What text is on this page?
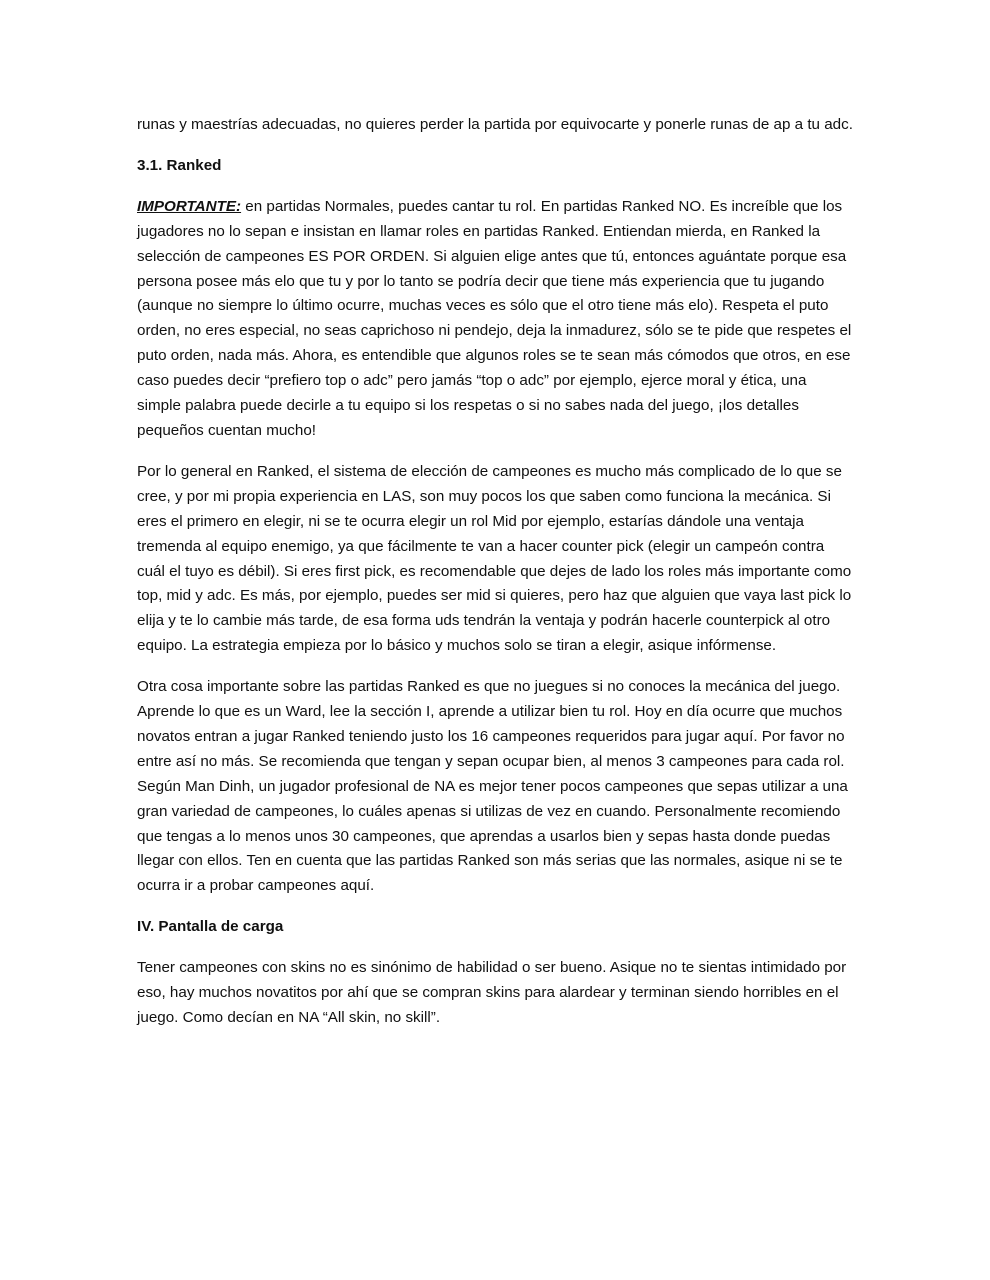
runas y maestrías adecuadas, no quieres perder la partida por equivocarte y ponerle runas de ap a tu adc.

3.1. Ranked

IMPORTANTE: en partidas Normales, puedes cantar tu rol. En partidas Ranked NO. Es increíble que los jugadores no lo sepan e insistan en llamar roles en partidas Ranked. Entiendan mierda, en Ranked la selección de campeones ES POR ORDEN. Si alguien elige antes que tú, entonces aguántate porque esa persona posee más elo que tu y por lo tanto se podría decir que tiene más experiencia que tu jugando (aunque no siempre lo último ocurre, muchas veces es sólo que el otro tiene más elo). Respeta el puto orden, no eres especial, no seas caprichoso ni pendejo, deja la inmadurez, sólo se te pide que respetes el puto orden, nada más. Ahora, es entendible que algunos roles se te sean más cómodos que otros, en ese caso puedes decir “prefiero top o adc” pero jamás “top o adc” por ejemplo, ejerce moral y ética, una simple palabra puede decirle a tu equipo si los respetas o si no sabes nada del juego, ¡los detalles pequeños cuentan mucho!

Por lo general en Ranked, el sistema de elección de campeones es mucho más complicado de lo que se cree, y por mi propia experiencia en LAS, son muy pocos los que saben como funciona la mecánica. Si eres el primero en elegir, ni se te ocurra elegir un rol Mid por ejemplo, estarías dándole una ventaja tremenda al equipo enemigo, ya que fácilmente te van a hacer counter pick (elegir un campeón contra cuál el tuyo es débil). Si eres first pick, es recomendable que dejes de lado los roles más importante como top, mid y adc. Es más, por ejemplo, puedes ser mid si quieres, pero haz que alguien que vaya last pick lo elija y te lo cambie más tarde, de esa forma uds tendrán la ventaja y podrán hacerle counterpick al otro equipo. La estrategia empieza por lo básico y muchos solo se tiran a elegir, asique infórmense.

Otra cosa importante sobre las partidas Ranked es que no juegues si no conoces la mecánica del juego. Aprende lo que es un Ward, lee la sección I, aprende a utilizar bien tu rol. Hoy en día ocurre que muchos novatos entran a jugar Ranked teniendo justo los 16 campeones requeridos para jugar aquí. Por favor no entre así no más. Se recomienda que tengan y sepan ocupar bien, al menos 3 campeones para cada rol. Según Man Dinh, un jugador profesional de NA es mejor tener pocos campeones que sepas utilizar a una gran variedad de campeones, lo cuáles apenas si utilizas de vez en cuando. Personalmente recomiendo que tengas a lo menos unos 30 campeones, que aprendas a usarlos bien y sepas hasta donde puedas llegar con ellos. Ten en cuenta que las partidas Ranked son más serias que las normales, asique ni se te ocurra ir a probar campeones aquí.

IV. Pantalla de carga

Tener campeones con skins no es sinónimo de habilidad o ser bueno. Asique no te sientas intimidado por eso, hay muchos novatitos por ahí que se compran skins para alardear y terminan siendo horribles en el juego. Como decían en NA “All skin, no skill”.
